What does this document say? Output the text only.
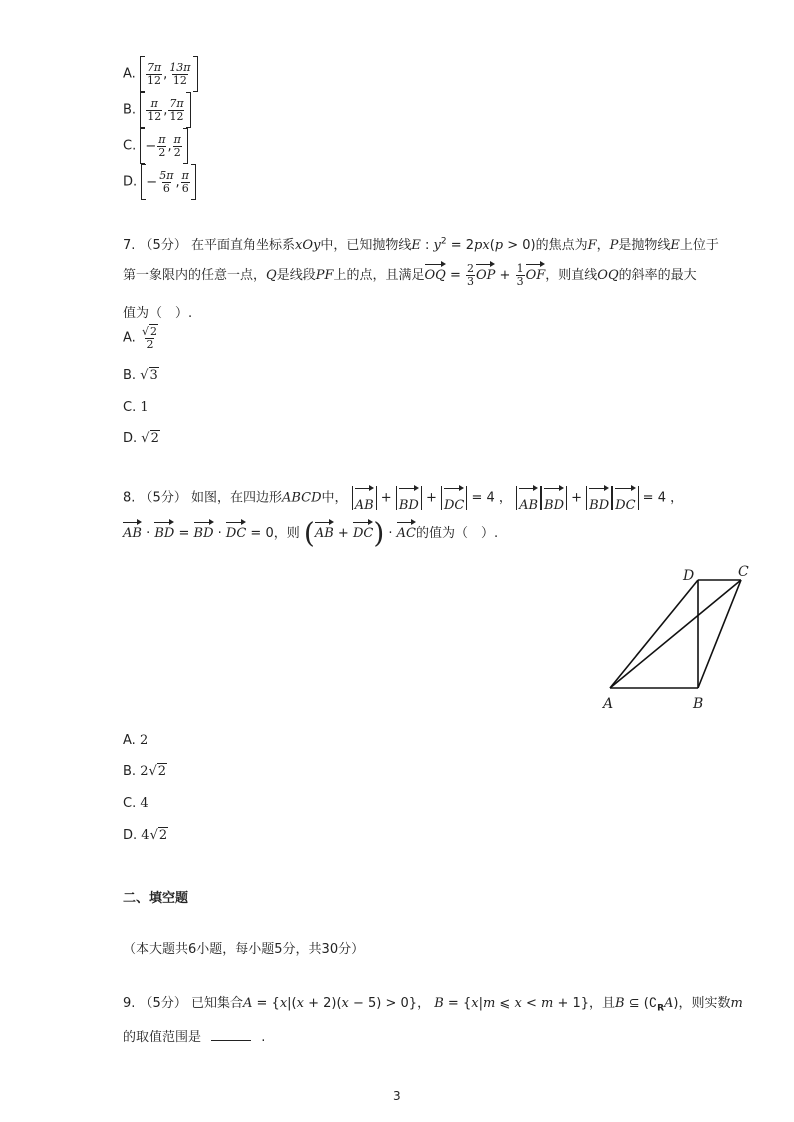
A. $\frac{7\pi}{12}$ , $\frac{13\pi}{12}$
B. $\frac{\pi}{12}$ , $\frac{7\pi}{12}$
C. − $\frac{\pi}{2}$ , $\frac{\pi}{2}$
D. − $\frac{5\pi}{6}$ , $\frac{\pi}{6}$
7. （5分） 在平面直角坐标系xOy中，已知抛物线E : $y^2 = 2px(p > 0)$的焦点为F，P是抛物线E上位于
第一象限内的任意一点，Q是线段PF上的点，且满足OQ = $\frac{2}{3}$ OP + $\frac{1}{3}$ OF，则直线OQ的斜率的最大
值为（　）.
A. $\frac{√2}{2}$
B. √3
C. 1
D. √2
8. （5分） 如图，在四边形ABCD中， AB + BD + DC = 4 ， AB BD + BD DC = 4 ，
AB · BD = BD · DC = 0，则 (AB + DC) · AC的值为（　）.
A	B
C
D
A. 2
B. 2√2
C. 4
D. 4√2
二、填空题
（本大题共6小题，每小题5分，共30分）
9. （5分） 已知集合A = {x|(x + 2)(x − 5) > 0}， B = {x|m ⩽ x < m + 1}，且B ⊆ $(∁_RA)$，则实数m
的取值范围是	.
3
